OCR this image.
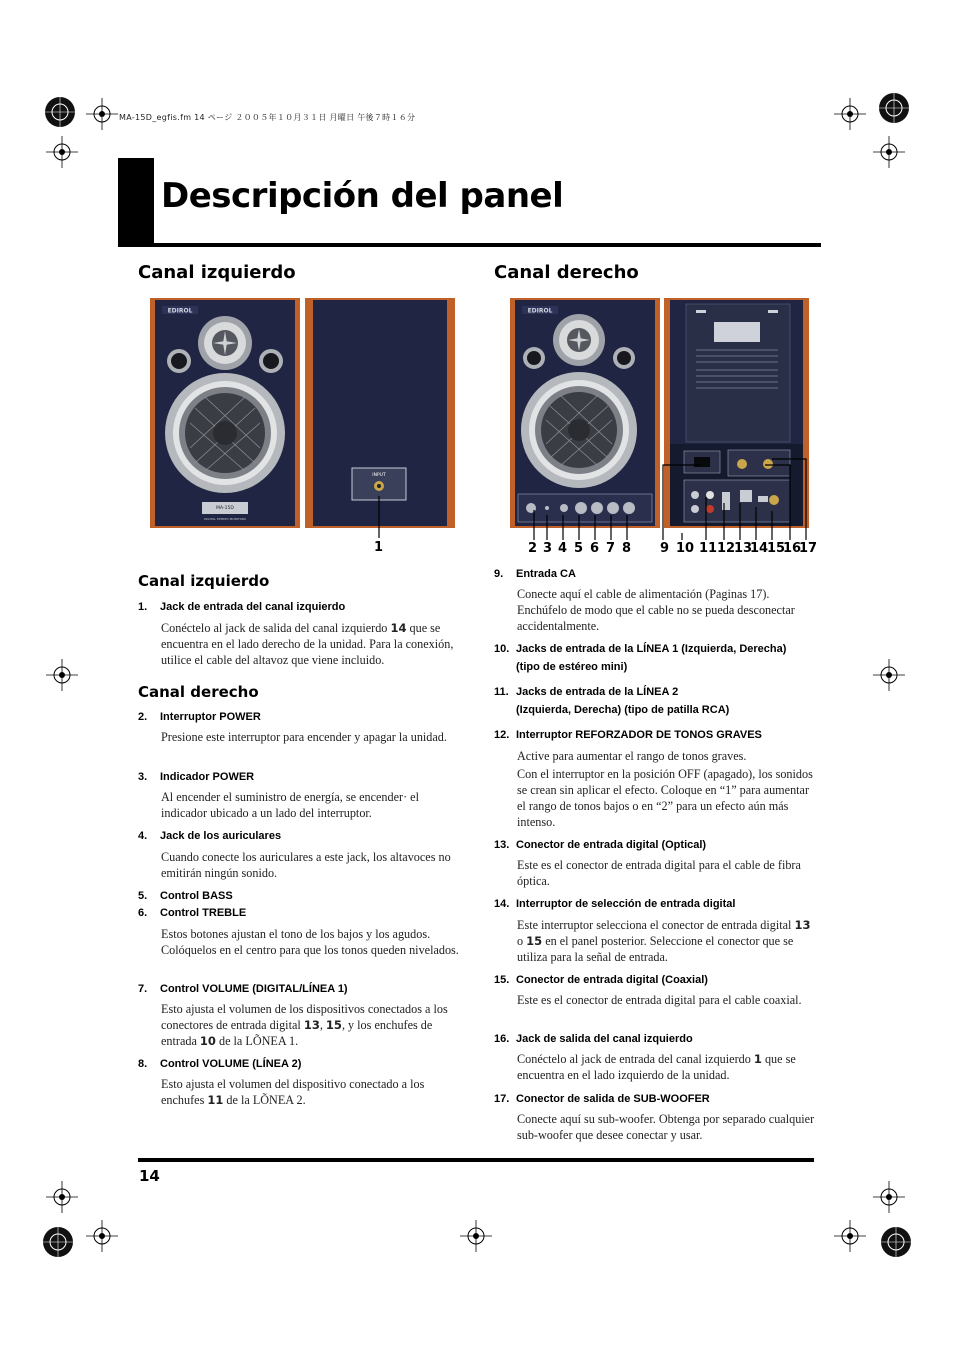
MA-15D_egfis.fm 14 ページ ２００５年１０月３１日 月曜日 午後７時１６分
Descripción del panel
Canal izquierdo	Canal derecho
EDIROL
MA-15D
DIGITAL STEREO MONITORS
INPUT
1
EDIROL
2 3 4 5 6 7 8 9 10 11 12
13
14
15
16
17
Canal izquierdo
1. Jack de entrada del canal izquierdo
Conéctelo al jack de salida del canal izquierdo 14 que se encuentra en el lado derecho de la unidad. Para la conexión, utilice el cable del altavoz que viene incluido.
Canal derecho
2. Interruptor POWER
Presione este interruptor para encender y apagar la unidad.
3. Indicador POWER
Al encender el suministro de energía, se encender· el indicador ubicado a un lado del interruptor.
4. Jack de los auriculares
Cuando conecte los auriculares a este jack, los altavoces no emitirán ningún sonido.
5. Control BASS
6. Control TREBLE
Estos botones ajustan el tono de los bajos y los agudos. Colóquelos en el centro para que los tonos queden nivelados.
7. Control VOLUME (DIGITAL/LÍNEA 1)
Esto ajusta el volumen de los dispositivos conectados a los conectores de entrada digital 13, 15, y los enchufes de entrada 10 de la LÕNEA 1.
8. Control VOLUME (LÍNEA 2)
Esto ajusta el volumen del dispositivo conectado a los enchufes 11 de la LÕNEA 2.
9. Entrada CA
Conecte aquí el cable de alimentación (Paginas 17). Enchúfelo de modo que el cable no se pueda desconectar accidentalmente.
10. Jacks de entrada de la LÍNEA 1 (Izquierda, Derecha)
(tipo de estéreo mini)
11. Jacks de entrada de la LÍNEA 2
(Izquierda, Derecha) (tipo de patilla RCA)
12. Interruptor REFORZADOR DE TONOS GRAVES
Active para aumentar el rango de tonos graves.
Con el interruptor en la posición OFF (apagado), los sonidos se crean sin aplicar el efecto. Coloque en “1” para aumentar el rango de tonos bajos o en “2” para un efecto aún más intenso.
13. Conector de entrada digital (Optical)
Este es el conector de entrada digital para el cable de fibra óptica.
14. Interruptor de selección de entrada digital
Este interruptor selecciona el conector de entrada digital 13 o 15 en el panel posterior. Seleccione el conector que se utiliza para la señal de entrada.
15. Conector de entrada digital (Coaxial)
Este es el conector de entrada digital para el cable coaxial.
16. Jack de salida del canal izquierdo
Conéctelo al jack de entrada del canal izquierdo 1 que se encuentra en el lado izquierdo de la unidad.
17. Conector de salida de SUB-WOOFER
Conecte aquí su sub-woofer. Obtenga por separado cualquier sub-woofer que desee conectar y usar.
14
